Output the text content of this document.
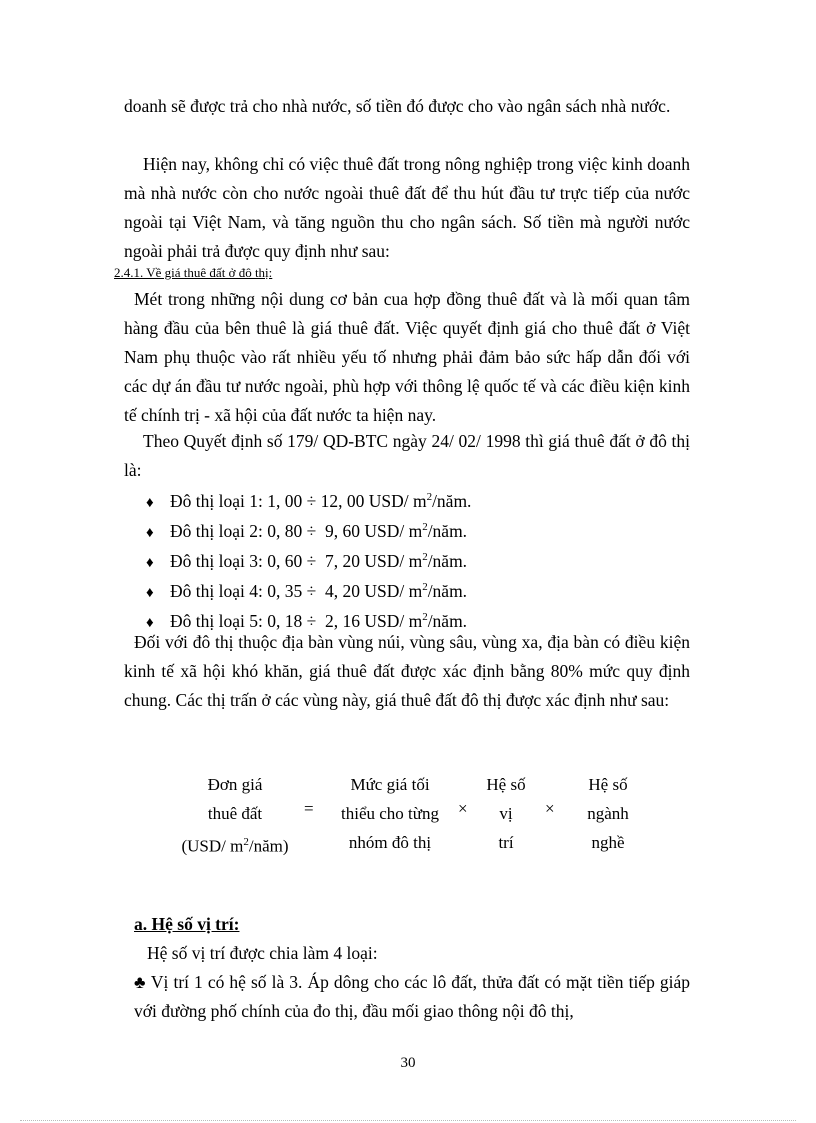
doanh sẽ được trả cho nhà nước, số tiền đó được cho vào ngân sách nhà nước.
Hiện nay, không chỉ có việc thuê đất trong nông nghiệp trong việc kinh doanh mà nhà nước còn cho nước ngoài thuê đất để thu hút đầu tư trực tiếp của nước ngoài tại Việt Nam, và tăng nguồn thu cho ngân sách. Số tiền mà người nước ngoài phải trả được quy định như sau:
2.4.1. Về giá thuê đất ở đô thị:
Mét trong những nội dung cơ bản cua hợp đồng thuê đất và là mối quan tâm hàng đầu của bên thuê là giá thuê đất. Việc quyết định giá cho thuê đất ở Việt Nam phụ thuộc vào rất nhiều yếu tố nhưng phải đảm bảo sức hấp dẫn đối với các dự án đầu tư nước ngoài, phù hợp với thông lệ quốc tế và các điều kiện kinh tế chính trị - xã hội của đất nước ta hiện nay.
Theo Quyết định số 179/ QD-BTC ngày 24/ 02/ 1998 thì giá thuê đất ở đô thị là:
♦ Đô thị loại 1: 1, 00 ÷ 12, 00 USD/ $m^2$/năm.
♦ Đô thị loại 2: 0, 80 ÷  9, 60 USD/ $m^2$/năm.
♦ Đô thị loại 3: 0, 60 ÷  7, 20 USD/ $m^2$/năm.
♦ Đô thị loại 4: 0, 35 ÷  4, 20 USD/ $m^2$/năm.
♦ Đô thị loại 5: 0, 18 ÷  2, 16 USD/ $m^2$/năm.
Đối với đô thị thuộc địa bàn vùng núi, vùng sâu, vùng xa, địa bàn có điều kiện kinh tế xã hội khó khăn, giá thuê đất được xác định bằng 80% mức quy định chung. Các thị trấn ở các vùng này, giá thuê đất đô thị được xác định như sau:
Đơn giá
thuê đất
(USD/ $m^2/năm$)
=
Mức giá tối
thiểu cho từng
nhóm đô thị
×
Hệ số
vị
trí
×
Hệ số
ngành
nghề
a. Hệ số vị trí:
Hệ số vị trí được chia làm 4 loại:
♣ Vị trí 1 có hệ số là 3. Áp dông cho các lô đất, thửa đất có mặt tiền tiếp giáp với đường phố chính của đo thị, đầu mối giao thông nội đô thị,
30
